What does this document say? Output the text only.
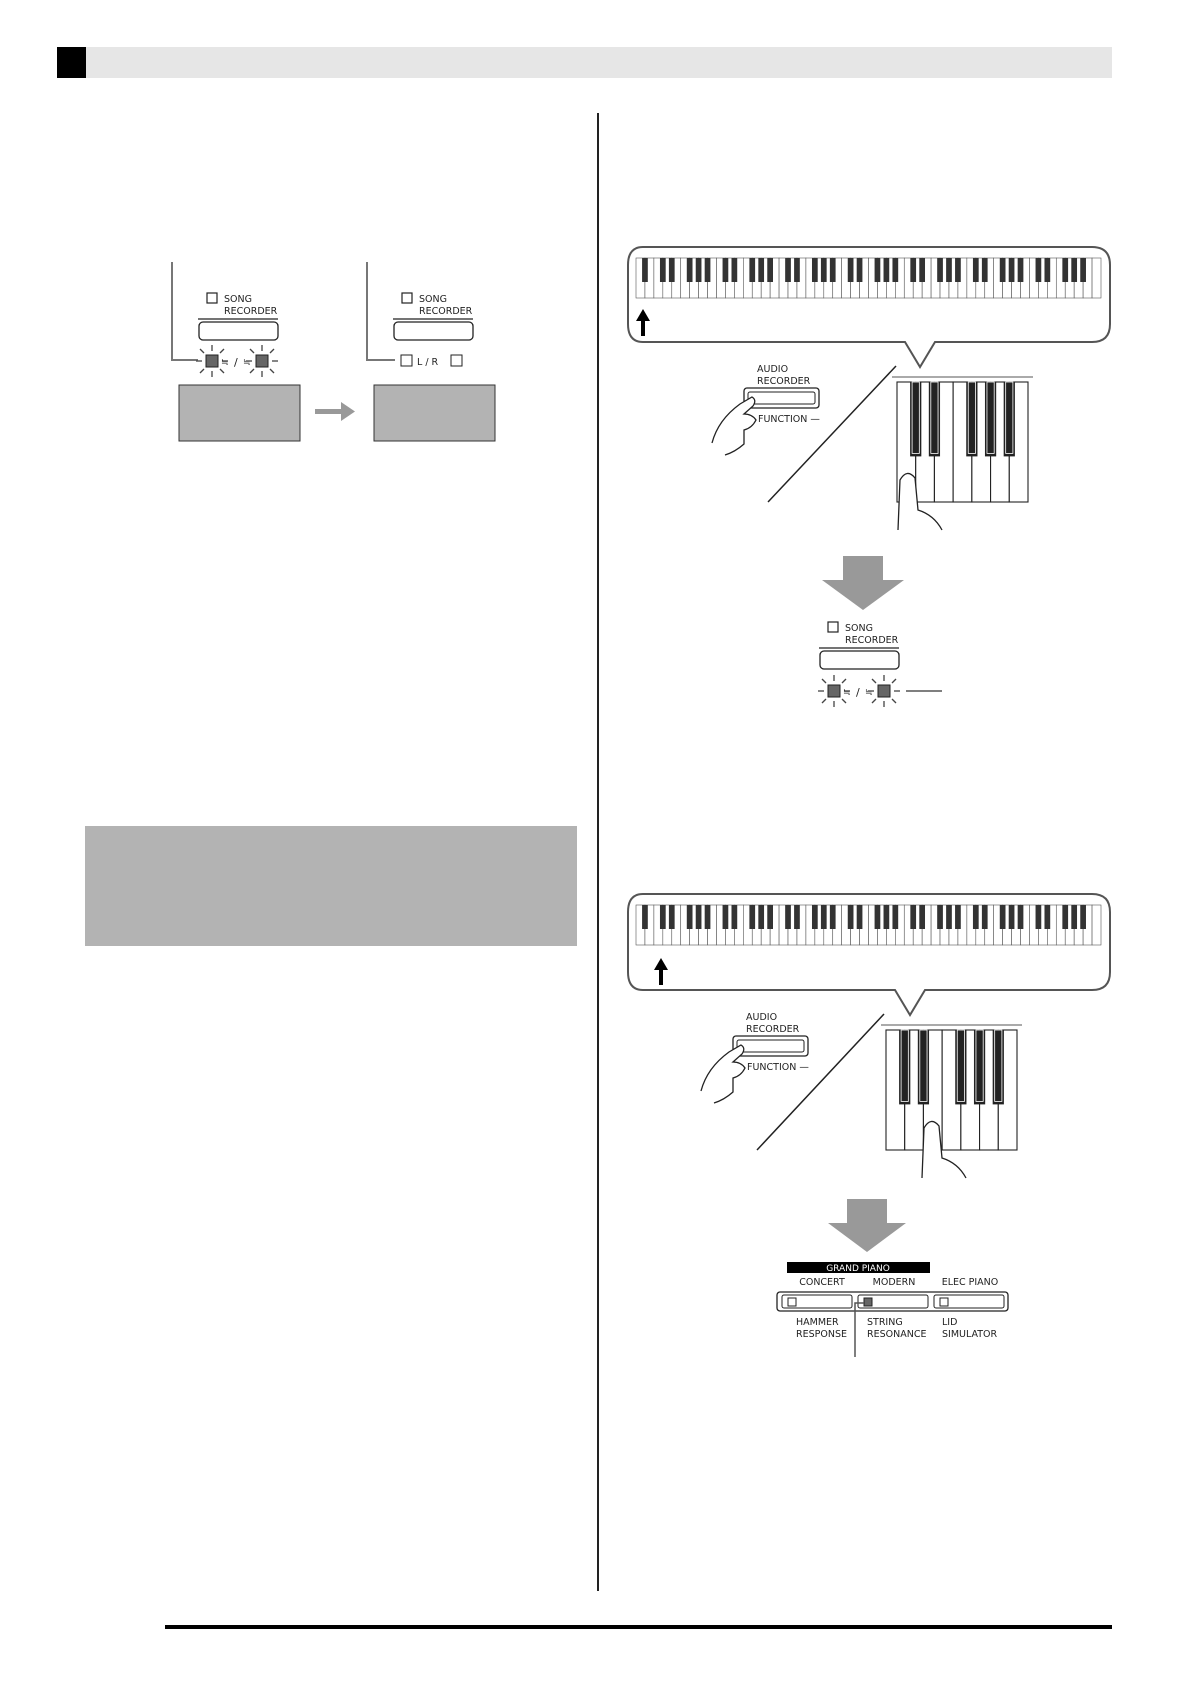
SONG
RECORDER
≒ / ≒
SONG
RECORDER
L / R
AUDIO
RECORDER
FUNCTION —
SONG
RECORDER
≒ / ≒
AUDIO
RECORDER
FUNCTION —
GRAND PIANO
CONCERT	MODERN	ELEC PIANO
HAMMER
RESPONSE
STRING
RESONANCE
LID
SIMULATOR
